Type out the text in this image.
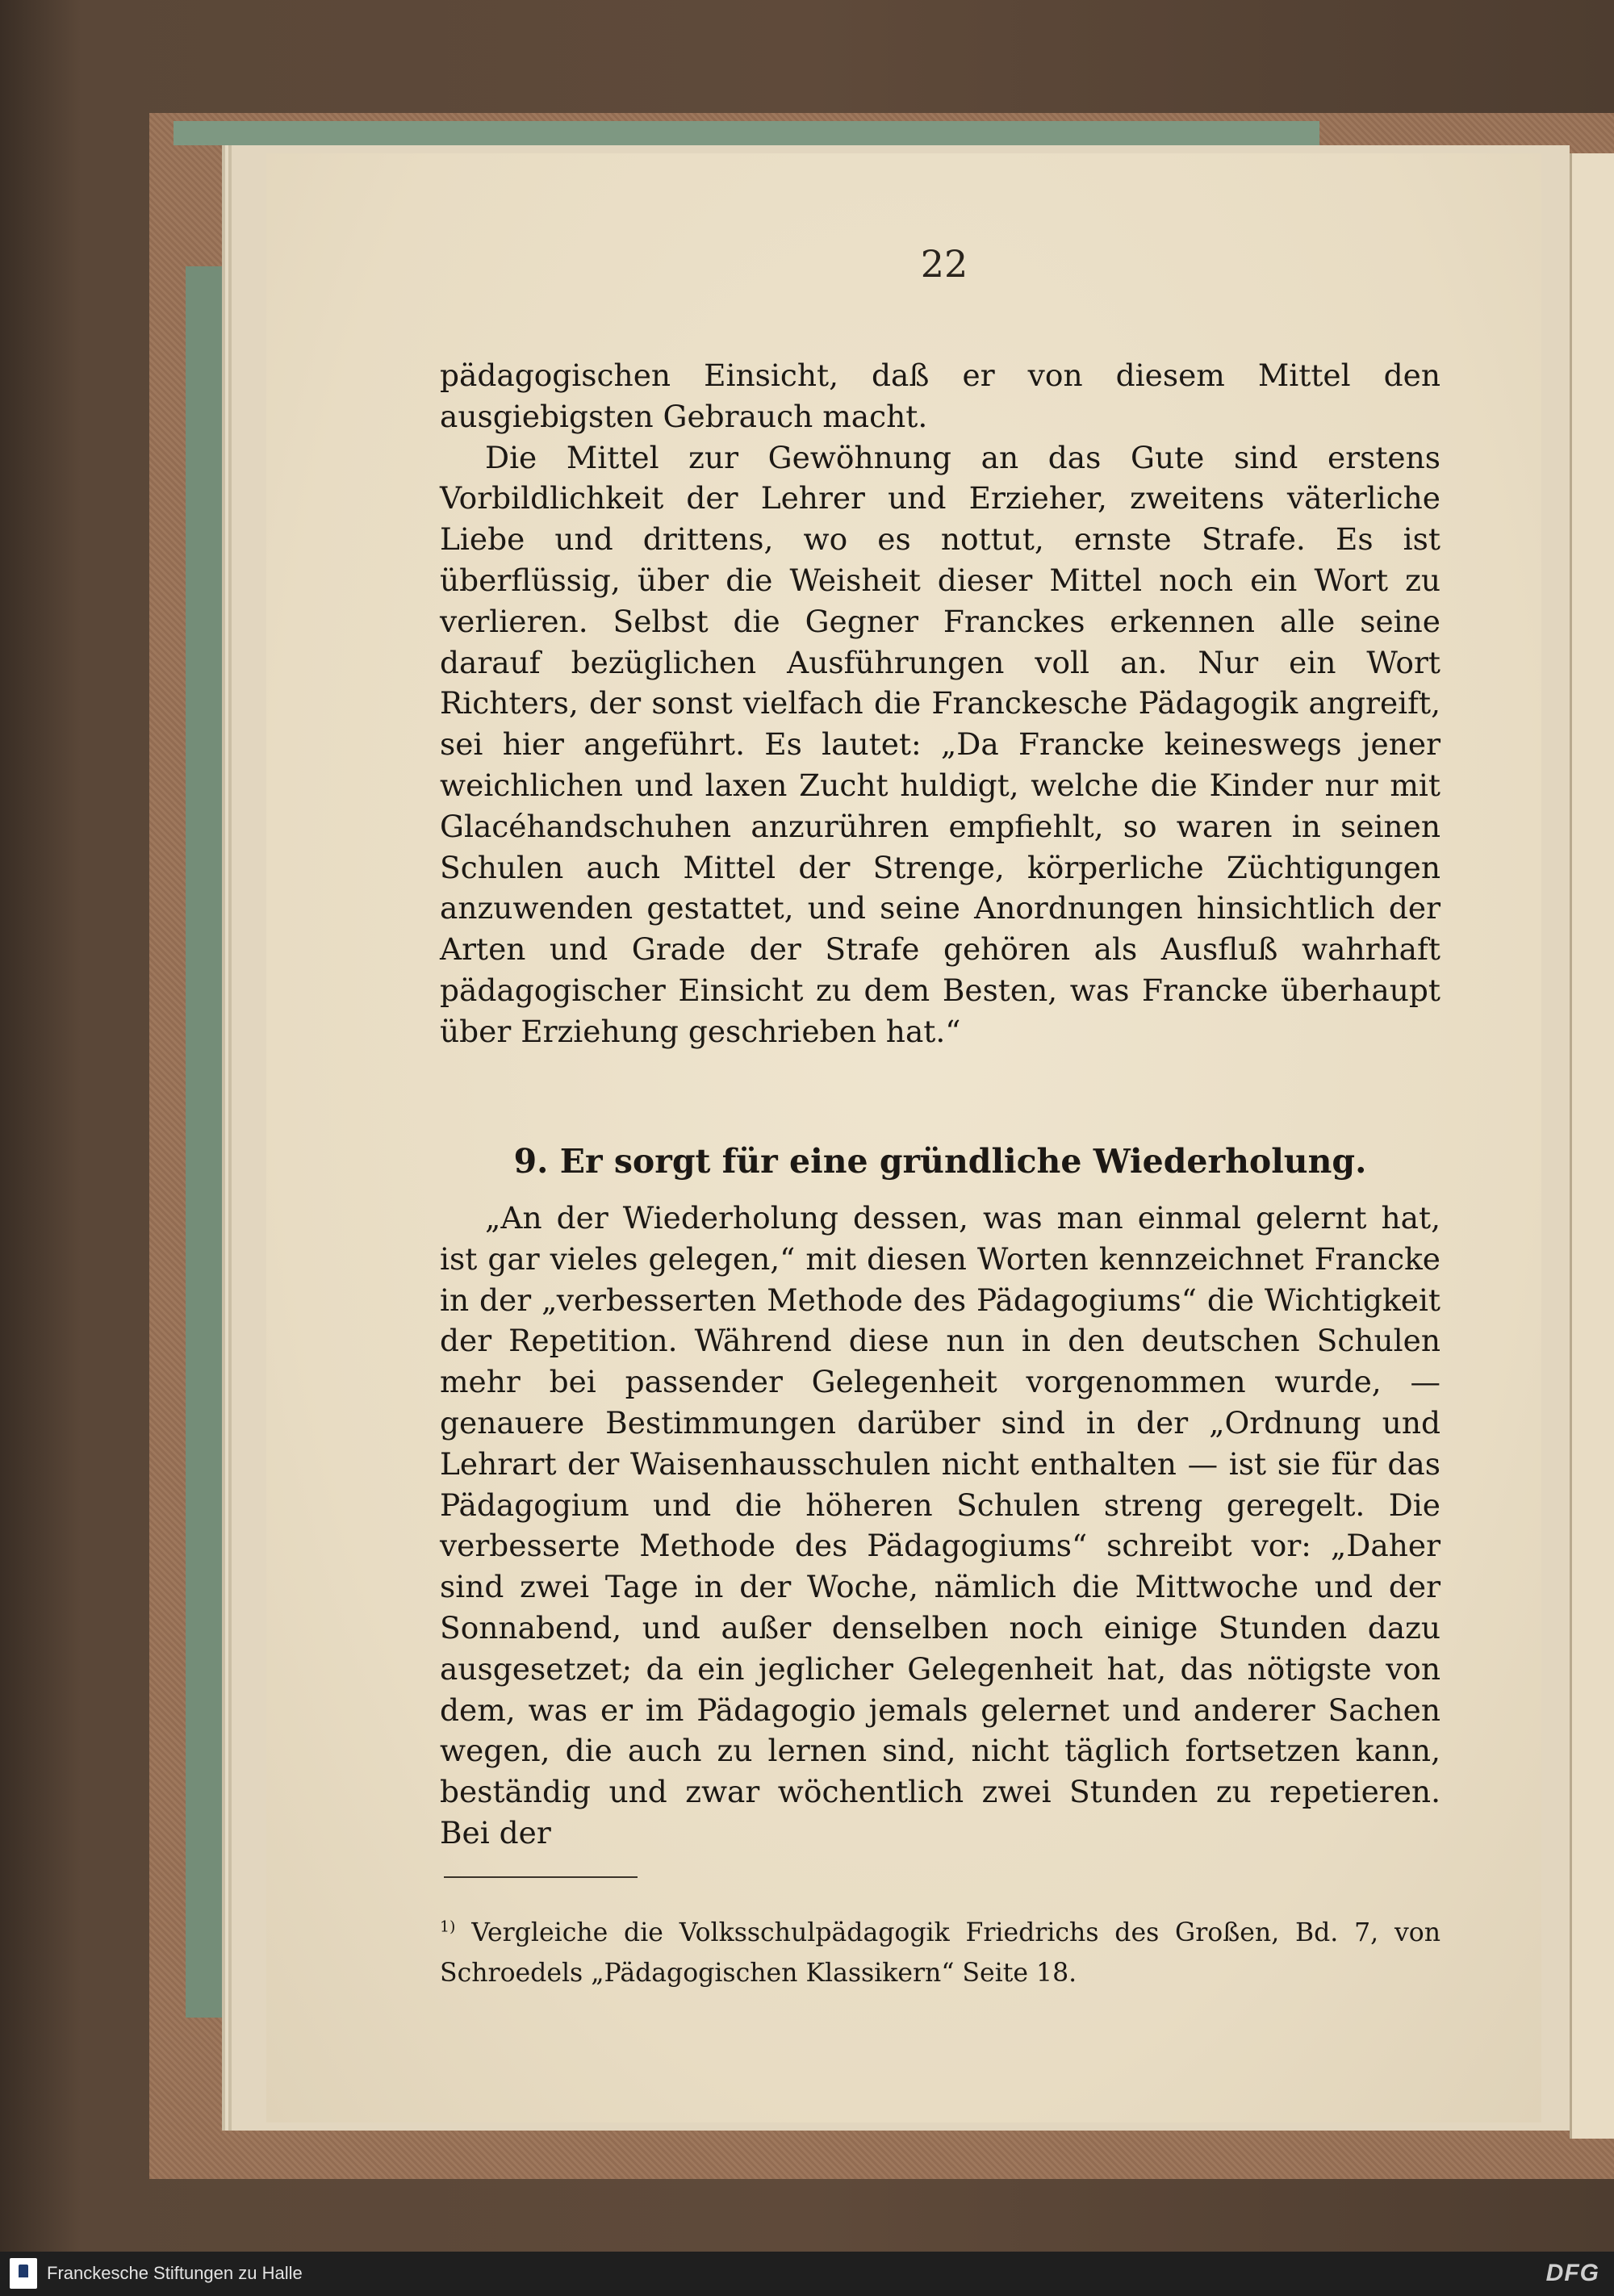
22

pädagogischen Einsicht, daß er von diesem Mittel den ausgiebigsten Gebrauch macht.

Die Mittel zur Gewöhnung an das Gute sind erstens Vorbildlichkeit der Lehrer und Erzieher, zweitens väterliche Liebe und drittens, wo es nottut, ernste Strafe. Es ist überflüssig, über die Weisheit dieser Mittel noch ein Wort zu verlieren. Selbst die Gegner Franckes erkennen alle seine darauf bezüglichen Ausführungen voll an. Nur ein Wort Richters, der sonst vielfach die Franckesche Pädagogik angreift, sei hier angeführt. Es lautet: „Da Francke keineswegs jener weichlichen und laxen Zucht huldigt, welche die Kinder nur mit Glacéhandschuhen anzurühren empfiehlt, so waren in seinen Schulen auch Mittel der Strenge, körperliche Züchtigungen anzuwenden gestattet, und seine Anordnungen hinsichtlich der Arten und Grade der Strafe gehören als Ausfluß wahrhaft pädagogischer Einsicht zu dem Besten, was Francke überhaupt über Erziehung geschrieben hat.“

9. Er sorgt für eine gründliche Wiederholung.

„An der Wiederholung dessen, was man einmal gelernt hat, ist gar vieles gelegen,“ mit diesen Worten kennzeichnet Francke in der „verbesserten Methode des Pädagogiums“ die Wichtigkeit der Repetition. Während diese nun in den deutschen Schulen mehr bei passender Gelegenheit vorgenommen wurde, — genauere Bestimmungen darüber sind in der „Ordnung und Lehrart der Waisenhausschulen nicht enthalten — ist sie für das Pädagogium und die höheren Schulen streng geregelt. Die verbesserte Methode des Pädagogiums“ schreibt vor: „Daher sind zwei Tage in der Woche, nämlich die Mittwoche und der Sonnabend, und außer denselben noch einige Stunden dazu ausgesetzet; da ein jeglicher Gelegenheit hat, das nötigste von dem, was er im Pädagogio jemals gelernet und anderer Sachen wegen, die auch zu lernen sind, nicht täglich fortsetzen kann, beständig und zwar wöchentlich zwei Stunden zu repetieren. Bei der

$^{1)}$ Vergleiche die Volksschulpädagogik Friedrichs des Großen, Bd. 7, von Schroedels „Pädagogischen Klassikern“ Seite 18.

Franckesche Stiftungen zu Halle	DFG
